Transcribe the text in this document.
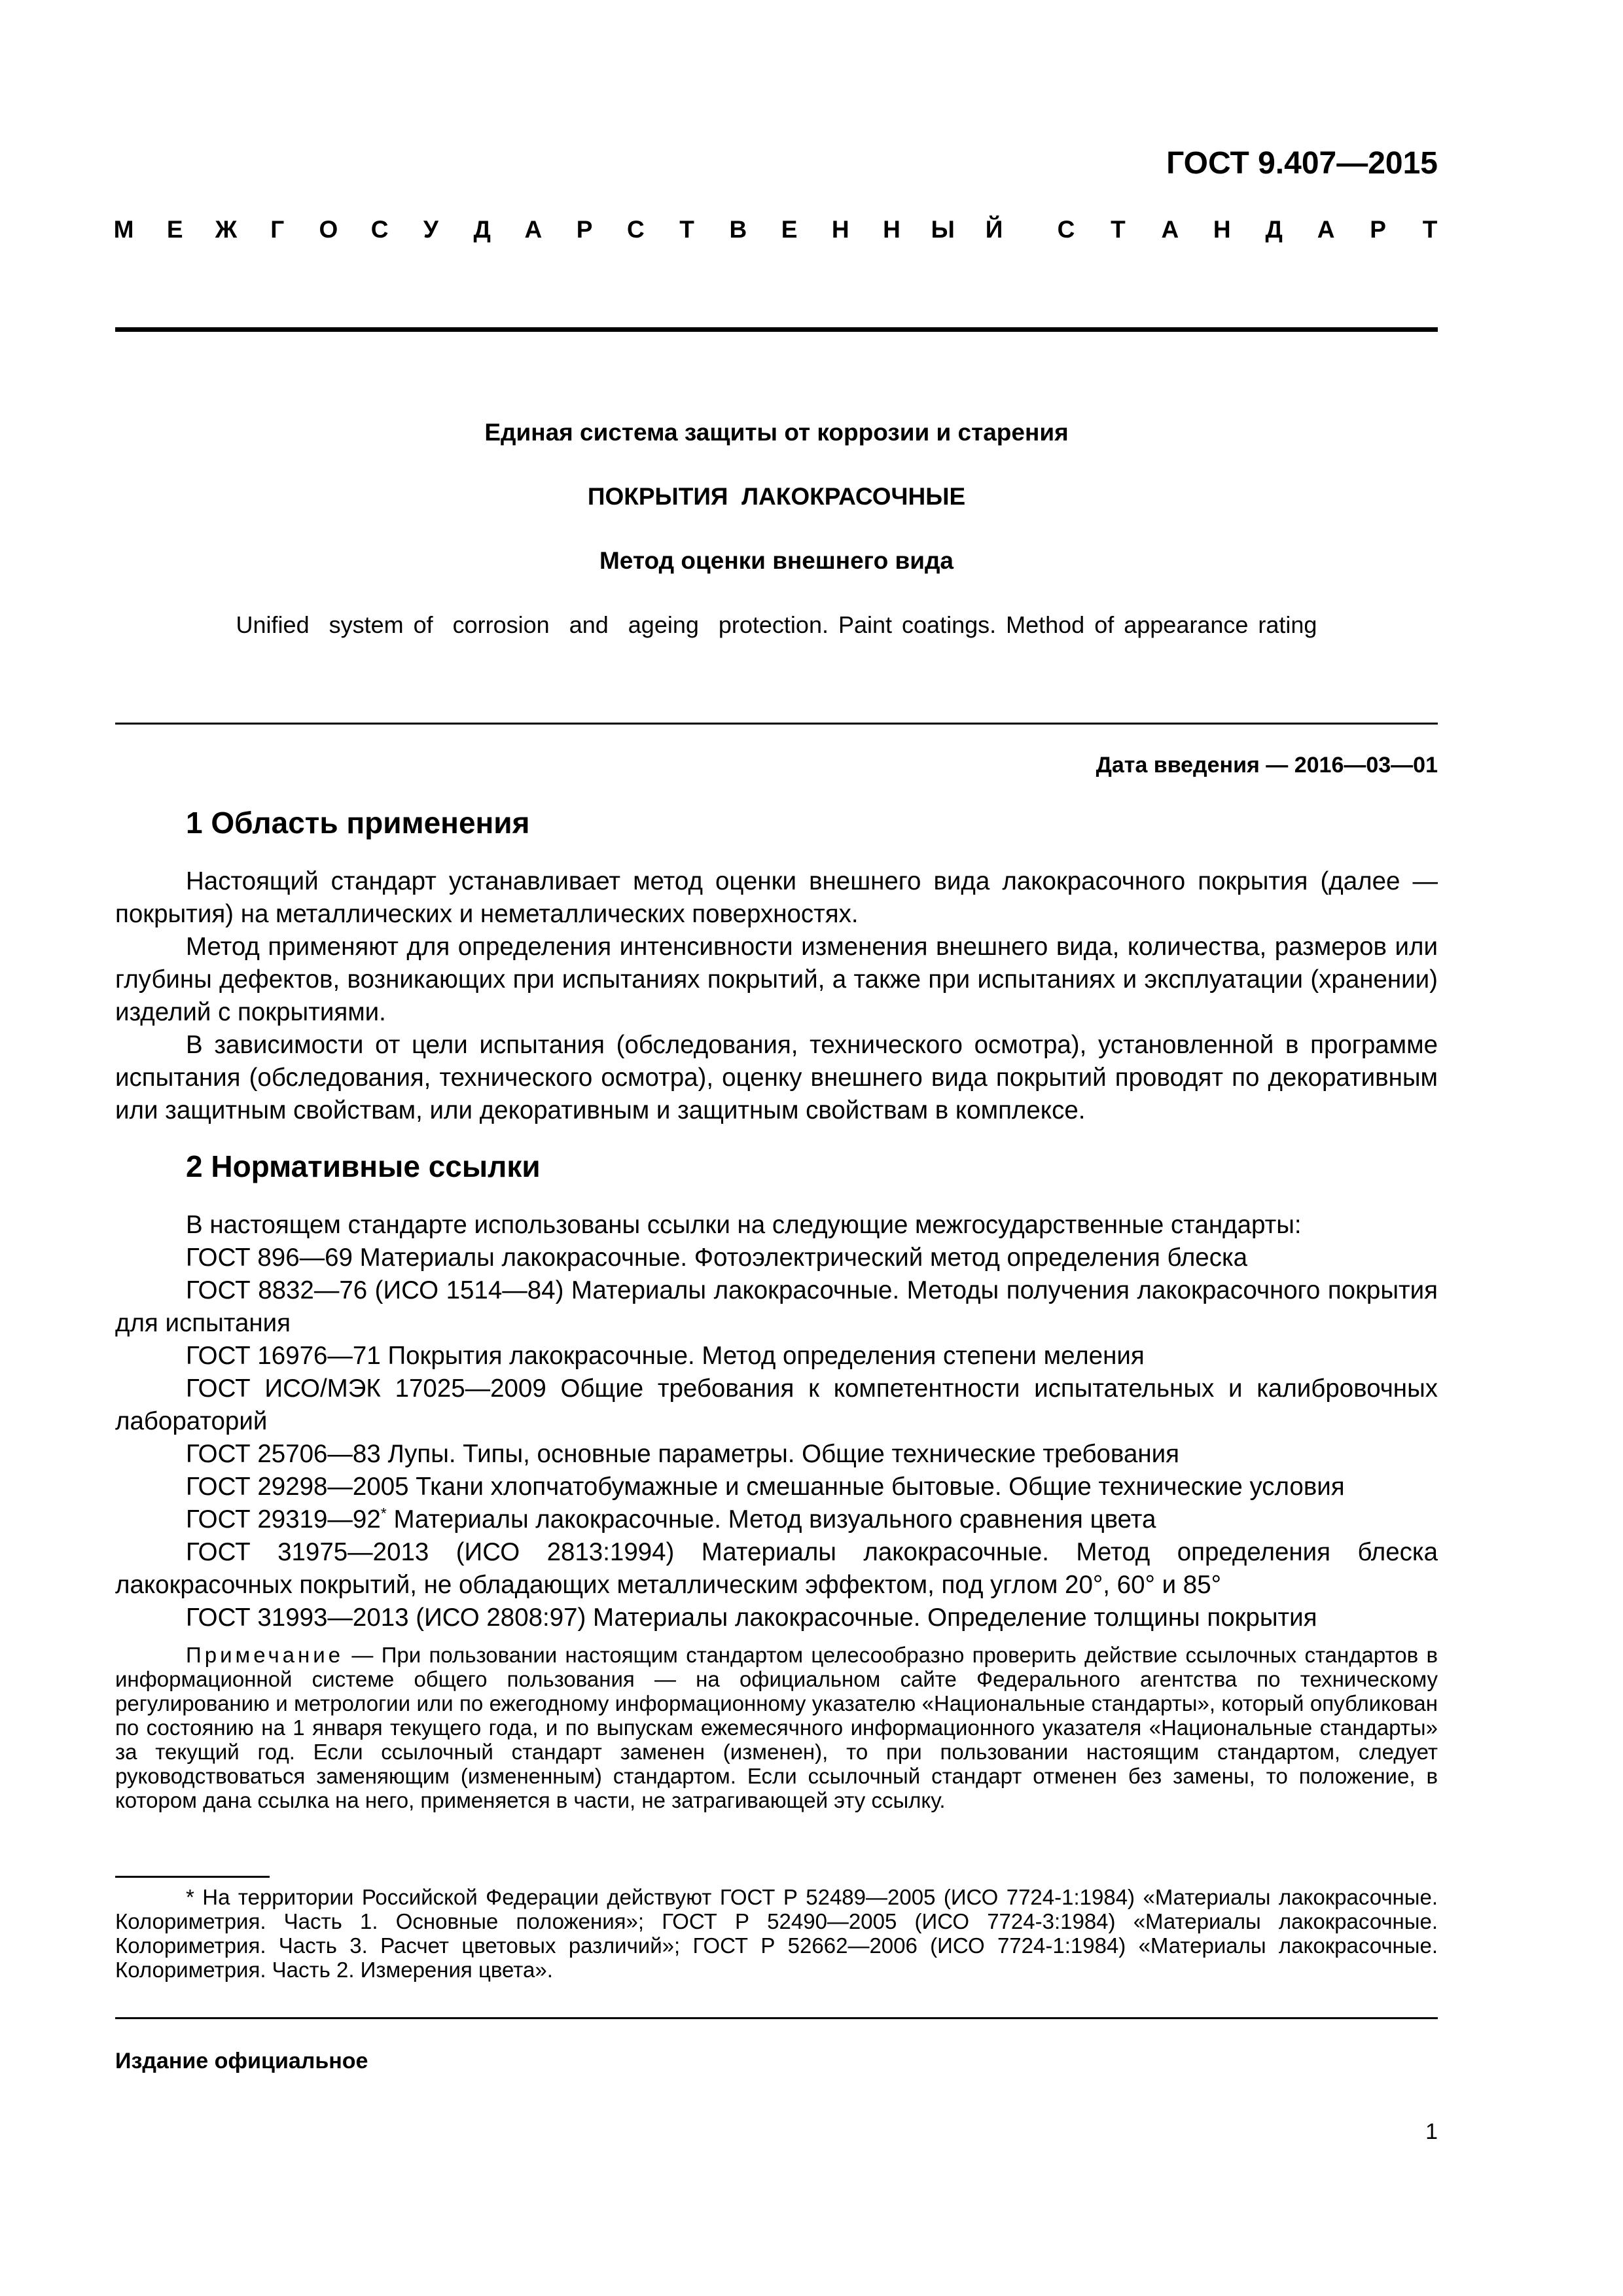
ГОСТ 9.407—2015
М	Е	Ж	Г	О	С	У	Д	А	Р	С	Т	В	Е	Н	Н	Ы	Й	С	Т	А	Н	Д	А	Р	Т
Единая система защиты от коррозии и старения
ПОКРЫТИЯ  ЛАКОКРАСОЧНЫЕ
Метод оценки внешнего вида
Unified  system of  corrosion  and  ageing  protection. Paint coatings. Method of appearance rating
Дата введения — 2016—03—01
1 Область применения

Настоящий стандарт устанавливает метод оценки внешнего вида лакокрасочного покрытия (далее — покрытия) на металлических и неметаллических поверхностях.

Метод применяют для определения интенсивности изменения внешнего вида, количества, размеров или глубины дефектов, возникающих при испытаниях покрытий, а также при испытаниях и эксплуатации (хранении) изделий с покрытиями.

В зависимости от цели испытания (обследования, технического осмотра), установленной в программе испытания (обследования, технического осмотра), оценку внешнего вида покрытий проводят по декоративным или защитным свойствам, или декоративным и защитным свойствам в комплексе.

2 Нормативные ссылки

В настоящем стандарте использованы ссылки на следующие межгосударственные стандарты:

ГОСТ 896—69 Материалы лакокрасочные. Фотоэлектрический метод определения блеска

ГОСТ 8832—76 (ИСО 1514—84) Материалы лакокрасочные. Методы получения лакокрасочного покрытия для испытания

ГОСТ 16976—71 Покрытия лакокрасочные. Метод определения степени меления

ГОСТ ИСО/МЭК 17025—2009 Общие требования к компетентности испытательных и калибровочных лабораторий

ГОСТ 25706—83 Лупы. Типы, основные параметры. Общие технические требования

ГОСТ 29298—2005 Ткани хлопчатобумажные и смешанные бытовые. Общие технические условия

ГОСТ 29319—92* Материалы лакокрасочные. Метод визуального сравнения цвета

ГОСТ 31975—2013 (ИСО 2813:1994) Материалы лакокрасочные. Метод определения блеска лакокрасочных покрытий, не обладающих металлическим эффектом, под углом 20°, 60° и 85°

ГОСТ 31993—2013 (ИСО 2808:97) Материалы лакокрасочные. Определение толщины покрытия

Примечание — При пользовании настоящим стандартом целесообразно проверить действие ссылочных стандартов в информационной системе общего пользования — на официальном сайте Федерального агентства по техническому регулированию и метрологии или по ежегодному информационному указателю «Национальные стандарты», который опубликован по состоянию на 1 января текущего года, и по выпускам ежемесячного информационного указателя «Национальные стандарты» за текущий год. Если ссылочный стандарт заменен (изменен), то при пользовании настоящим стандартом, следует руководствоваться заменяющим (измененным) стандартом. Если ссылочный стандарт отменен без замены, то положение, в котором дана ссылка на него, применяется в части, не затрагивающей эту ссылку.

* На территории Российской Федерации действуют ГОСТ Р 52489—2005 (ИСО 7724-1:1984) «Материалы лакокрасочные. Колориметрия. Часть 1. Основные положения»; ГОСТ Р 52490—2005 (ИСО 7724-3:1984) «Материалы лакокрасочные. Колориметрия. Часть 3. Расчет цветовых различий»; ГОСТ Р 52662—2006 (ИСО 7724-1:1984) «Материалы лакокрасочные. Колориметрия. Часть 2. Измерения цвета».

Издание официальное
1
